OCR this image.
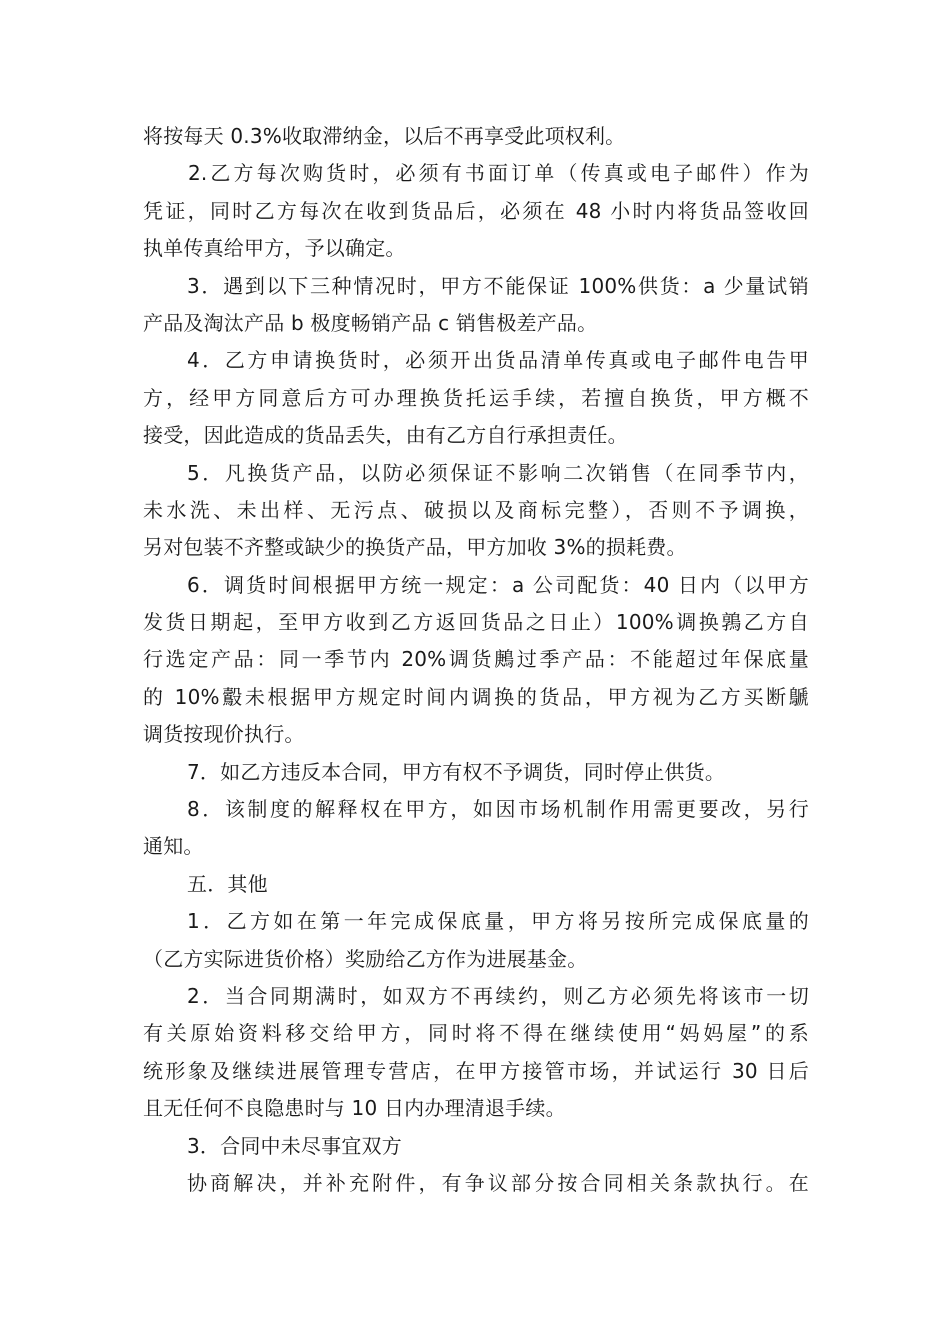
将按每天 0.3%收取滞纳金，以后不再享受此项权利。
2.乙方每次购货时，必须有书面订单（传真或电子邮件）作为
凭证，同时乙方每次在收到货品后，必须在 48 小时内将货品签收回
执单传真给甲方，予以确定。
3．遇到以下三种情况时，甲方不能保证 100%供货：a 少量试销
产品及淘汰产品 b 极度畅销产品 c 销售极差产品。
4．乙方申请换货时，必须开出货品清单传真或电子邮件电告甲
方，经甲方同意后方可办理换货托运手续，若擅自换货，甲方概不
接受，因此造成的货品丢失，由有乙方自行承担责任。
5．凡换货产品，以防必须保证不影响二次销售（在同季节内，
未水洗、未出样、无污点、破损以及商标完整），否则不予调换，
另对包装不齐整或缺少的换货产品，甲方加收 3%的损耗费。
6．调货时间根据甲方统一规定：a 公司配货：40 日内（以甲方
发货日期起，至甲方收到乙方返回货品之日止）100%调换鶉乙方自
行选定产品：同一季节内 20%调货鶊过季产品：不能超过年保底量
的 10%鷇未根据甲方规定时间内调换的货品，甲方视为乙方买断鷈
调货按现价执行。
7．如乙方违反本合同，甲方有权不予调货，同时停止供货。
8．该制度的解释权在甲方，如因市场机制作用需更要改，另行
通知。
五．其他
1．乙方如在第一年完成保底量，甲方将另按所完成保底量的
（乙方实际进货价格）奖励给乙方作为进展基金。
2．当合同期满时，如双方不再续约，则乙方必须先将该市一切
有关原始资料移交给甲方，同时将不得在继续使用“妈妈屋”的系
统形象及继续进展管理专营店，在甲方接管市场，并试运行 30 日后
且无任何不良隐患时与 10 日内办理清退手续。
3．合同中未尽事宜双方
协商解决，并补充附件，有争议部分按合同相关条款执行。在
